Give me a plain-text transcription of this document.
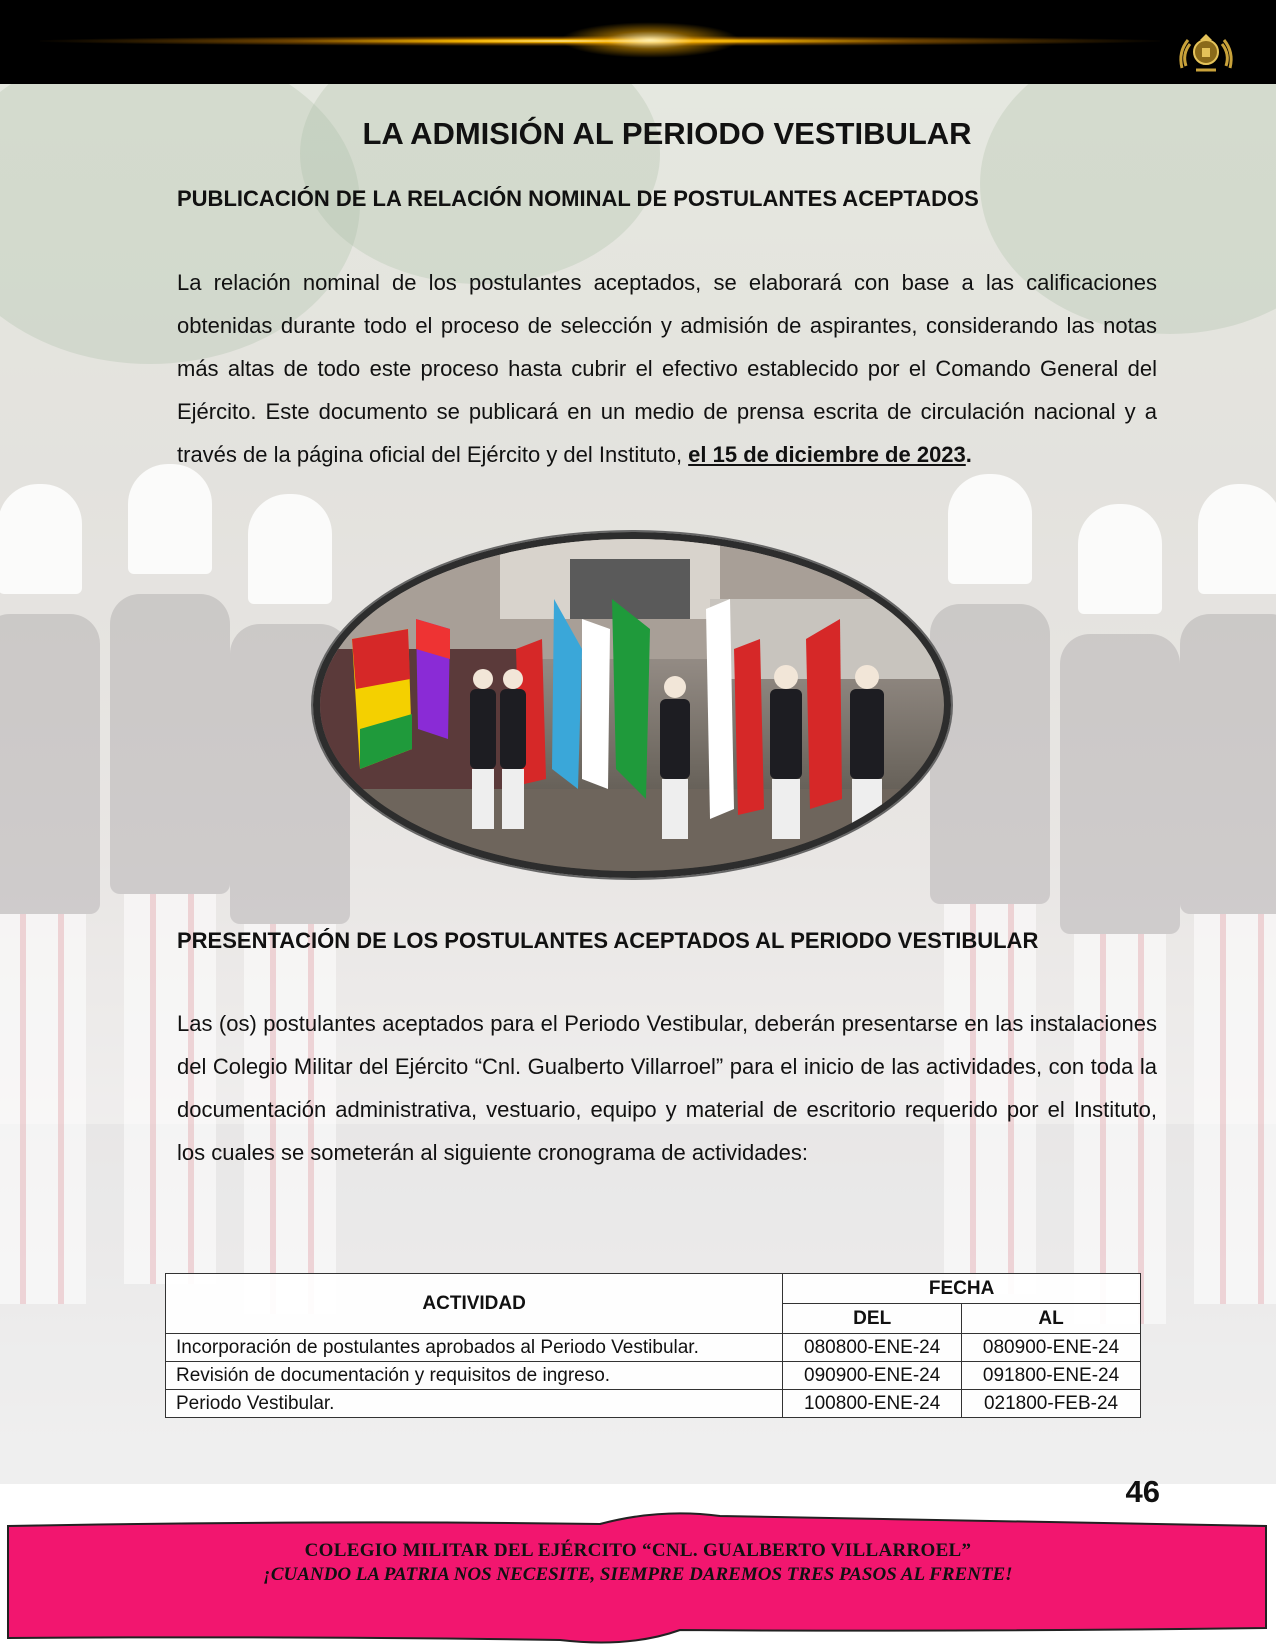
LA ADMISIÓN AL PERIODO VESTIBULAR
PUBLICACIÓN DE LA RELACIÓN NOMINAL DE POSTULANTES ACEPTADOS
La relación nominal de los postulantes aceptados, se elaborará con base a las calificaciones obtenidas durante todo el proceso de selección y admisión de aspirantes, considerando las notas más altas de todo este proceso hasta cubrir el efectivo establecido por el Comando General del Ejército. Este documento se publicará en un medio de prensa escrita de circulación nacional y a través de la página oficial del Ejército y del Instituto, el 15 de diciembre de 2023.
PRESENTACIÓN DE LOS POSTULANTES ACEPTADOS AL PERIODO VESTIBULAR
Las (os) postulantes aceptados para el Periodo Vestibular, deberán presentarse en las instalaciones del Colegio Militar del Ejército “Cnl. Gualberto Villarroel” para el inicio de las actividades, con toda la documentación administrativa, vestuario, equipo y material de escritorio requerido por el Instituto, los cuales se someterán al siguiente cronograma de actividades:
ACTIVIDAD	FECHA	
	DEL	AL
Incorporación de postulantes aprobados al Periodo Vestibular.	080800-ENE-24	080900-ENE-24
Revisión de documentación y requisitos de ingreso.	090900-ENE-24	091800-ENE-24
Periodo Vestibular.	100800-ENE-24	021800-FEB-24
46
COLEGIO MILITAR DEL EJÉRCITO “CNL. GUALBERTO VILLARROEL”
¡CUANDO LA PATRIA NOS NECESITE, SIEMPRE DAREMOS TRES PASOS AL FRENTE!
